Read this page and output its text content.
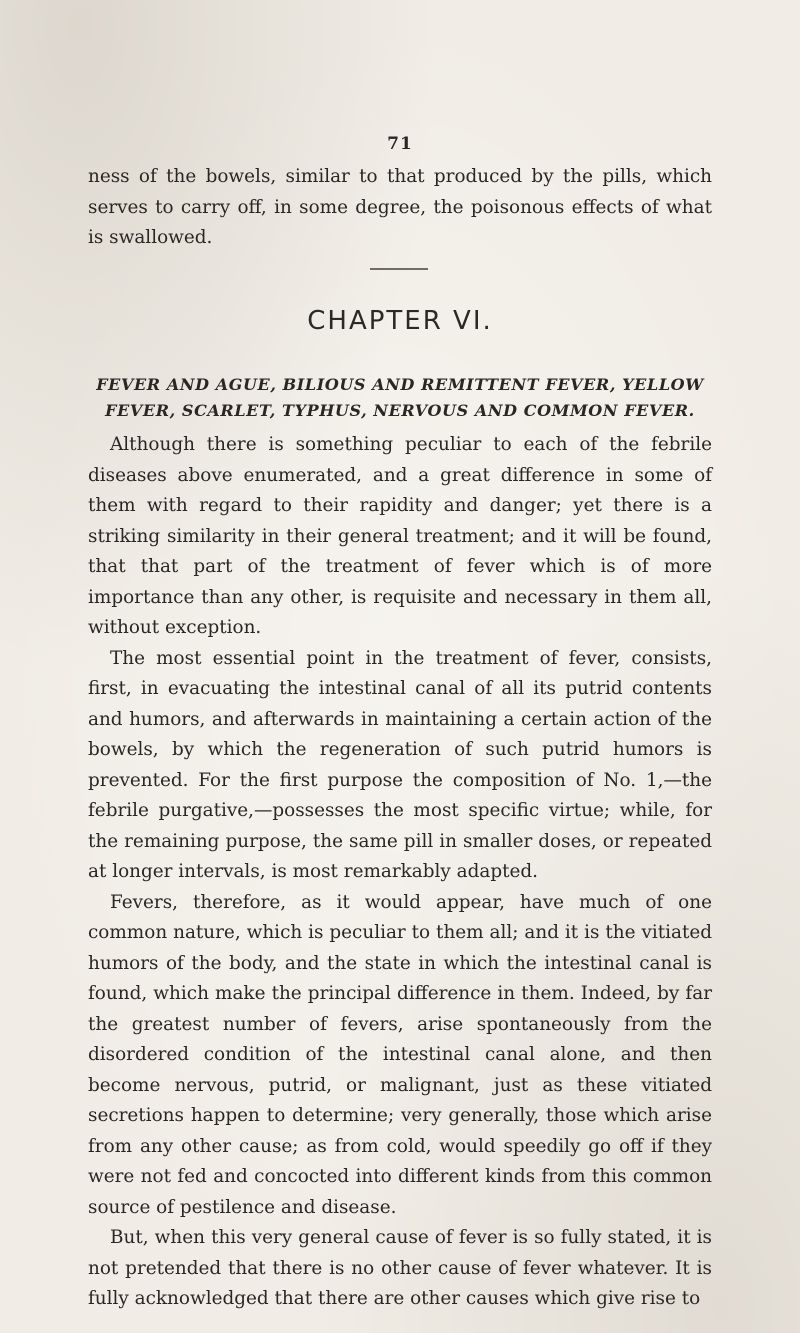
71

ness of the bowels, similar to that produced by the pills, which serves to carry off, in some degree, the poisonous effects of what is swallowed.

CHAPTER VI.
FEVER AND AGUE, BILIOUS AND REMITTENT FEVER, YELLOW FEVER, SCARLET, TYPHUS, NERVOUS AND COMMON FEVER.

Although there is something peculiar to each of the febrile diseases above enumerated, and a great difference in some of them with regard to their rapidity and danger; yet there is a striking similarity in their general treatment; and it will be found, that that part of the treatment of fever which is of more importance than any other, is requisite and necessary in them all, without exception.

The most essential point in the treatment of fever, consists, first, in evacuating the intestinal canal of all its putrid contents and humors, and afterwards in maintaining a certain action of the bowels, by which the regeneration of such putrid humors is prevented. For the first purpose the composition of No. 1,—the febrile purgative,—possesses the most specific virtue; while, for the remaining purpose, the same pill in smaller doses, or repeated at longer intervals, is most remarkably adapted.

Fevers, therefore, as it would appear, have much of one common nature, which is peculiar to them all; and it is the vitiated humors of the body, and the state in which the intestinal canal is found, which make the principal difference in them. Indeed, by far the greatest number of fevers, arise spontaneously from the disordered condition of the intestinal canal alone, and then become nervous, putrid, or malignant, just as these vitiated secretions happen to determine; very generally, those which arise from any other cause; as from cold, would speedily go off if they were not fed and concocted into different kinds from this common source of pestilence and disease.

But, when this very general cause of fever is so fully stated, it is not pretended that there is no other cause of fever whatever. It is fully acknowledged that there are other causes which give rise to
